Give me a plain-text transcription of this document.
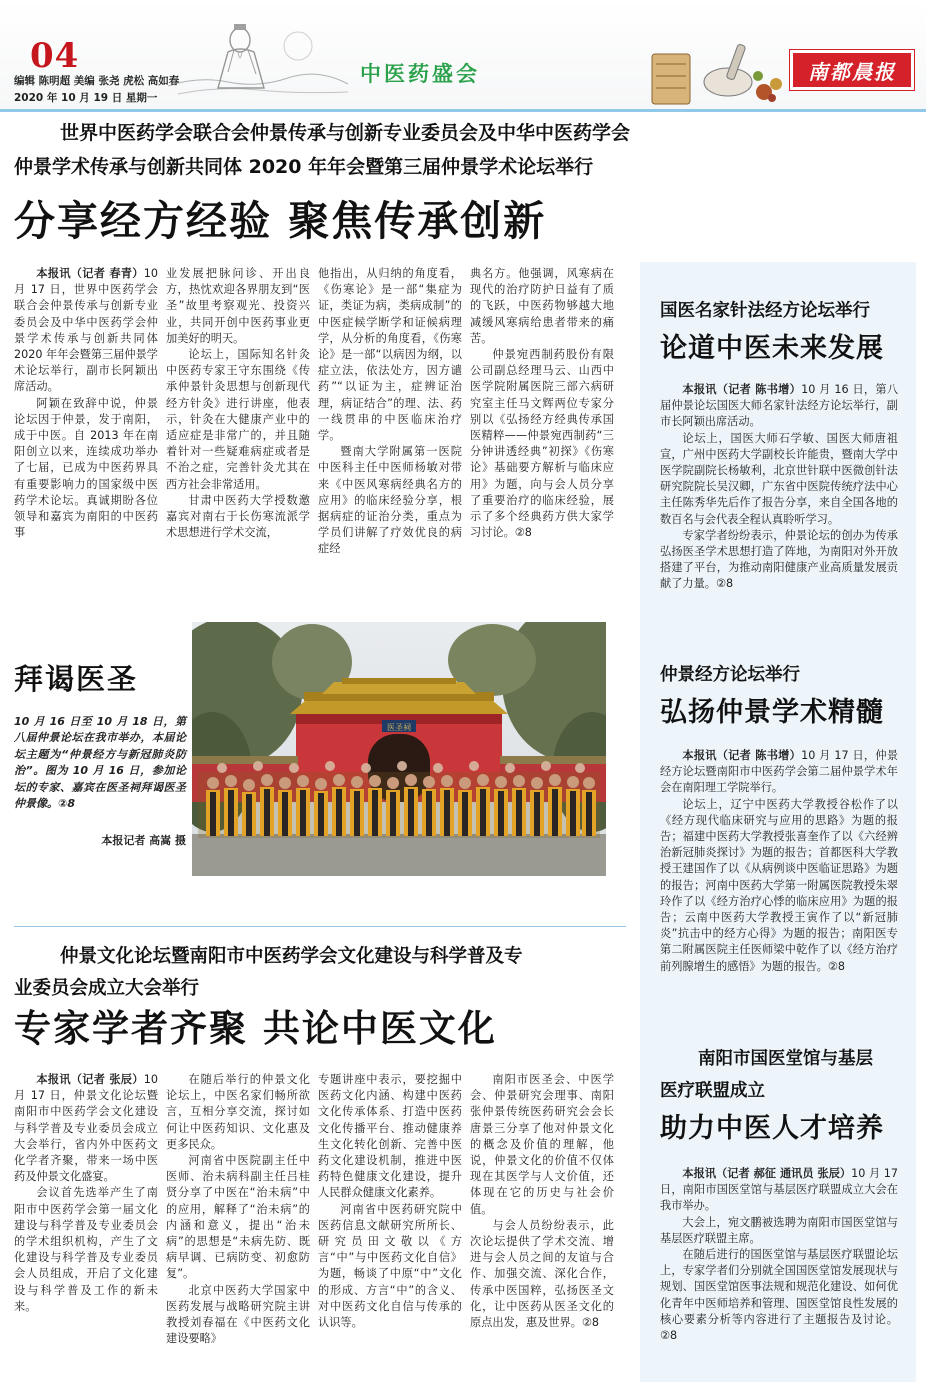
04
编辑 陈明超 美编 张尧 虎松 高如春
2020 年 10 月 19 日 星期一
中医药盛会	南都晨报
世界中医药学会联合会仲景传承与创新专业委员会及中华中医药学会
仲景学术传承与创新共同体 2020 年年会暨第三届仲景学术论坛举行
分享经方经验 聚焦传承创新

本报讯（记者 春青）10 月 17 日，世界中医药学会联合会仲景传承与创新专业委员会及中华中医药学会仲景学术传承与创新共同体 2020 年年会暨第三届仲景学术论坛举行，副市长阿颖出席活动。

阿颖在致辞中说，仲景论坛因于仲景，发于南阳，成于中医。自 2013 年在南阳创立以来，连续成功举办了七届，已成为中医药界具有重要影响力的国家级中医药学术论坛。真诚期盼各位领导和嘉宾为南阳的中医药事

业发展把脉问诊、开出良方，热忱欢迎各界朋友到“医圣”故里考察观光、投资兴业，共同开创中医药事业更加美好的明天。

论坛上，国际知名针灸中医药专家王守东围绕《传承仲景针灸思想与创新现代经方针灸》进行讲座，他表示，针灸在大健康产业中的适应症是非常广的，并且随着针对一些疑难病症或者是不治之症，完善针灸尤其在西方社会非常适用。

甘肃中医药大学授数邀嘉宾对南右于长伤寒流派学术思想进行学术交流，

他指出，从归纳的角度看，《伤寒论》是一部“集症为证，类证为病，类病成制”的中医症候学断学和证候病理学，从分析的角度看，《伤寒论》是一部“以病因为纲，以症立法，依法处方，因方谴药”“以证为主，症辨证治理，病证结合”的理、法、药一线贯串的中医临床治疗学。

暨南大学附属第一医院中医科主任中医师杨敏对带来《中医风寒病经典名方的应用》的临床经验分享，根据病症的证治分类，重点为学员们讲解了疗效优良的病症经

典名方。他强调，风寒病在现代的治疗防护日益有了质的飞跃，中医药物够越大地减缓风寒病给患者带来的痛苦。

仲景宛西制药股份有限公司副总经理马云、山西中医学院附属医院三部六病研究室主任马文辉两位专家分别以《弘扬经方经典传承国医精粹——仲景宛西制药“三分钟讲透经典”初探》《伤寒论》基础要方解析与临床应用》为题，向与会人员分享了重要治疗的临床经验，展示了多个经典药方供大家学习讨论。②8

国医名家针法经方论坛举行
论道中医未来发展

本报讯（记者 陈书增）10 月 16 日，第八届仲景论坛国医大师名家针法经方论坛举行，副市长阿颖出席活动。

论坛上，国医大师石学敏、国医大师唐祖宣，广州中医药大学副校长许能贵，暨南大学中医学院副院长杨敏利，北京世针联中医微创针法研究院院长吴汉卿，广东省中医院传统疗法中心主任陈秀华先后作了报告分享，来自全国各地的数百名与会代表全程认真聆听学习。

专家学者纷纷表示，仲景论坛的创办为传承弘扬医圣学术思想打造了阵地，为南阳对外开放搭建了平台，为推动南阳健康产业高质量发展贡献了力量。②8

仲景经方论坛举行
弘扬仲景学术精髓

本报讯（记者 陈书增）10 月 17 日，仲景经方论坛暨南阳市中医药学会第二届仲景学术年会在南阳理工学院举行。

论坛上，辽宁中医药大学教授谷松作了以《经方现代临床研究与应用的思路》为题的报告；福建中医药大学教授张喜奎作了以《六经辨治新冠肺炎探讨》为题的报告；首都医科大学教授王建国作了以《从病例谈中医临证思路》为题的报告；河南中医药大学第一附属医院教授朱翠玲作了以《经方治疗心悸的临床应用》为题的报告；云南中医药大学教授王寅作了以“新冠肺炎”抗击中的经方心得》为题的报告；南阳医专第二附属医院主任医师梁中乾作了以《经方治疗前列腺增生的感悟》为题的报告。②8

南阳市国医堂馆与基层
医疗联盟成立
助力中医人才培养

本报讯（记者 郝征 通讯员 张辰）10 月 17 日，南阳市国医堂馆与基层医疗联盟成立大会在我市举办。

大会上，宛文鹏被选聘为南阳市国医堂馆与基层医疗联盟主席。

在随后进行的国医堂馆与基层医疗联盟论坛上，专家学者们分别就全国国医堂馆发展现状与规划、国医堂馆医事法规和规范化建设、如何优化青年中医师培养和管理、国医堂馆良性发展的核心要素分析等内容进行了主题报告及讨论。②8

拜谒医圣
10 月 16 日至 10 月 18 日，第八届仲景论坛在我市举办，本届论坛主题为“仲景经方与新冠肺炎防治”。图为 10 月 16 日，参加论坛的专家、嘉宾在医圣祠拜谒医圣仲景像。②8
本报记者 高嵩 摄
医圣祠
仲景文化论坛暨南阳市中医药学会文化建设与科学普及专
业委员会成立大会举行
专家学者齐聚 共论中医文化

本报讯（记者 张辰）10 月 17 日，仲景文化论坛暨南阳市中医药学会文化建设与科学普及专业委员会成立大会举行，省内外中医药文化学者齐聚，带来一场中医药及仲景文化盛宴。

会议首先选举产生了南阳市中医药学会第一届文化建设与科学普及专业委员会的学术组织机构，产生了文化建设与科学普及专业委员会人员组成，开启了文化建设与科学普及工作的新未来。

在随后举行的仲景文化论坛上，中医名家们畅所欲言，互相分享交流，探讨如何让中医药知识、文化惠及更多民众。

河南省中医院副主任中医师、治未病科副主任吕桂贤分享了中医在“治未病”中的应用，解释了“治未病”的内涵和意义，提出“治未病”的思想是“未病先防、既病早调、已病防变、初愈防复”。

北京中医药大学国家中医药发展与战略研究院主讲教授刘春福在《中医药文化建设要略》

专题讲座中表示，要挖掘中医药文化内涵、构建中医药文化传承体系、打造中医药文化传播平台、推动健康养生文化转化创新、完善中医药文化建设机制，推进中医药特色健康文化建设，提升人民群众健康文化素养。

河南省中医药研究院中医药信息文献研究所所长、研究员田文敬以《方言“中”与中医药文化自信》为题，畅谈了中原“中”文化的形成、方言“中”的含义、对中医药文化自信与传承的认识等。

南阳市医圣会、中医学会、仲景研究会理事、南阳张仲景传统医药研究会会长唐景三分享了他对仲景文化的概念及价值的理解，他说，仲景文化的价值不仅体现在其医学与人文价值，还体现在它的历史与社会价值。

与会人员纷纷表示，此次论坛提供了学术交流、增进与会人员之间的友谊与合作、加强交流、深化合作，传承中医国粹，弘扬医圣文化，让中医药从医圣文化的原点出发，惠及世界。②8
